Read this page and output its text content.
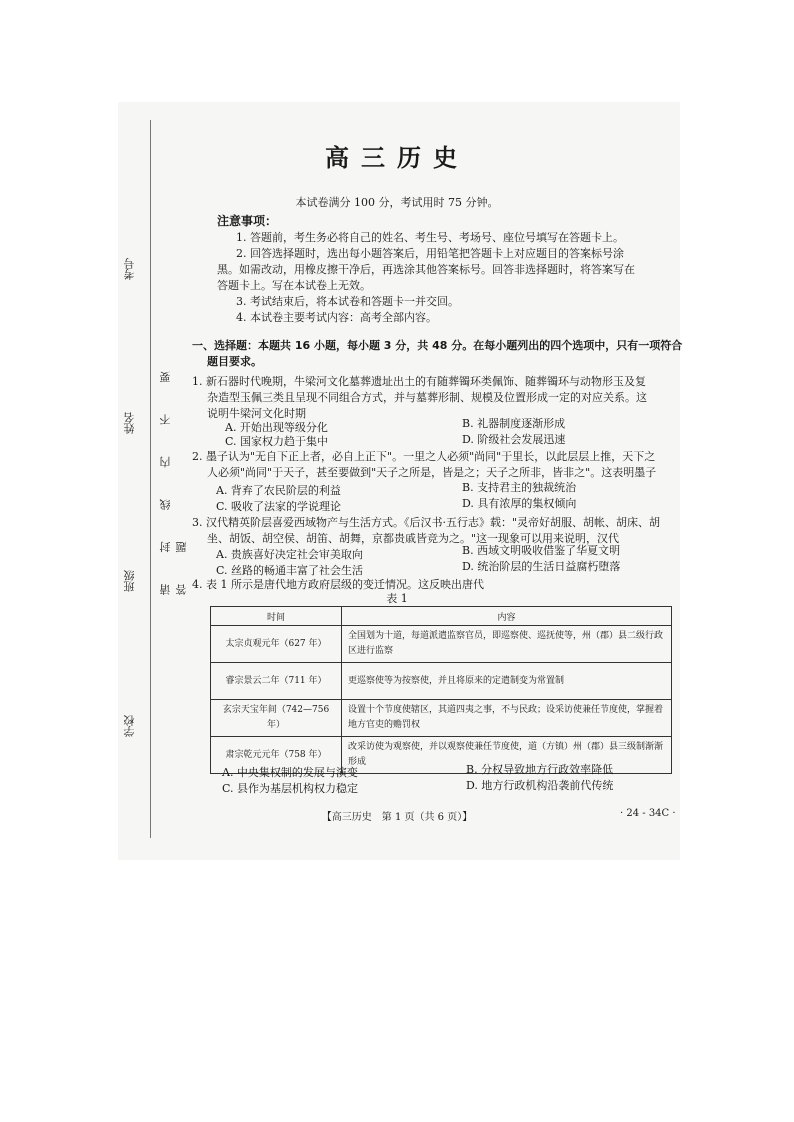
考号
姓名
班级
学校
请 封 线 内 不 要 答 题
高三历史
本试卷满分 100 分，考试用时 75 分钟。
注意事项：
1. 答题前，考生务必将自己的姓名、考生号、考场号、座位号填写在答题卡上。
2. 回答选择题时，选出每小题答案后，用铅笔把答题卡上对应题目的答案标号涂
黑。如需改动，用橡皮擦干净后，再选涂其他答案标号。回答非选择题时，将答案写在
答题卡上。写在本试卷上无效。
3. 考试结束后，将本试卷和答题卡一并交回。
4. 本试卷主要考试内容：高考全部内容。
一、选择题：本题共 16 小题，每小题 3 分，共 48 分。在每小题列出的四个选项中，只有一项符合
题目要求。
1. 新石器时代晚期，牛梁河文化墓葬遗址出土的有随葬镯环类佩饰、随葬镯环与动物形玉及复
杂造型玉佩三类且呈现不同组合方式，并与墓葬形制、规模及位置形成一定的对应关系。这
说明牛梁河文化时期
A. 开始出现等级分化	B. 礼器制度逐渐形成
C. 国家权力趋于集中	D. 阶级社会发展迅速
2. 墨子认为"无自下正上者，必自上正下"。一里之人必须"尚同"于里长，以此层层上推，天下之
人必须"尚同"于天子，甚至要做到"天子之所是，皆是之；天子之所非，皆非之"。这表明墨子
A. 背弃了农民阶层的利益	B. 支持君主的独裁统治
C. 吸收了法家的学说理论	D. 具有浓厚的集权倾向
3. 汉代精英阶层喜爱西域物产与生活方式。《后汉书·五行志》载："灵帝好胡服、胡帐、胡床、胡
坐、胡饭、胡空侯、胡笛、胡舞，京都贵戚皆竞为之。"这一现象可以用来说明，汉代
A. 贵族喜好决定社会审美取向	B. 西域文明吸收借鉴了华夏文明
C. 丝路的畅通丰富了社会生活	D. 统治阶层的生活日益腐朽堕落
4. 表 1 所示是唐代地方政府层级的变迁情况。这反映出唐代
表 1
时间	内容
太宗贞观元年（627 年）	全国划为十道，每道派遣监察官员，即巡察使、巡抚使等，州（郡）县二级行政区进行监察
睿宗景云二年（711 年）	更巡察使等为按察使，并且将原来的定遣制变为常置制
玄宗天宝年间（742—756 年）	设置十个节度使辖区，其道四夷之事，不与民政；设采访使兼任节度使，掌握着地方官吏的赡罚权
肃宗乾元元年（758 年）	改采访使为观察使，并以观察使兼任节度使，道（方镇）州（郡）县三级制渐渐形成
A. 中央集权制的发展与演变	B. 分权导致地方行政效率降低
C. 县作为基层机构权力稳定	D. 地方行政机构沿袭前代传统
【高三历史　第 1 页（共 6 页）】	· 24 - 34C ·
